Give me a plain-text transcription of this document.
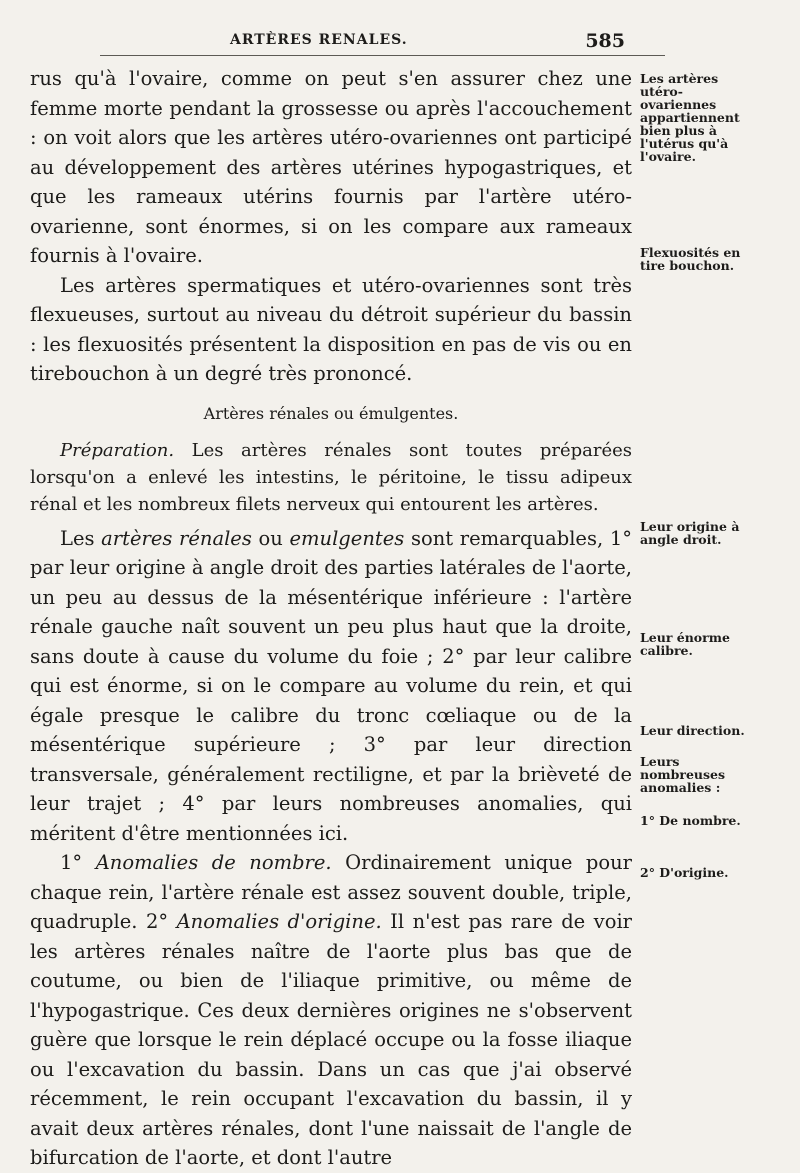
ARTÈRES RENALES.	585

rus qu'à l'ovaire, comme on peut s'en assurer chez une femme morte pendant la grossesse ou après l'accouchement : on voit alors que les artères utéro-ovariennes ont participé au développement des artères utérines hypogastriques, et que les rameaux utérins fournis par l'artère utéro-ovarienne, sont énormes, si on les compare aux rameaux fournis à l'ovaire.

Les artères spermatiques et utéro-ovariennes sont très flexueuses, surtout au niveau du détroit supérieur du bassin : les flexuosités présentent la disposition en pas de vis ou en tirebouchon à un degré très prononcé.

Artères rénales ou émulgentes.

Préparation. Les artères rénales sont toutes préparées lorsqu'on a enlevé les intestins, le péritoine, le tissu adipeux rénal et les nombreux filets nerveux qui entourent les artères.

Les artères rénales ou emulgentes sont remarquables, 1° par leur origine à angle droit des parties latérales de l'aorte, un peu au dessus de la mésentérique inférieure : l'artère rénale gauche naît souvent un peu plus haut que la droite, sans doute à cause du volume du foie ; 2° par leur calibre qui est énorme, si on le compare au volume du rein, et qui égale presque le calibre du tronc cœliaque ou de la mésentérique supérieure ; 3° par leur direction transversale, généralement rectiligne, et par la brièveté de leur trajet ; 4° par leurs nombreuses anomalies, qui méritent d'être mentionnées ici.

1° Anomalies de nombre. Ordinairement unique pour chaque rein, l'artère rénale est assez souvent double, triple, quadruple. 2° Anomalies d'origine. Il n'est pas rare de voir les artères rénales naître de l'aorte plus bas que de coutume, ou bien de l'iliaque primitive, ou même de l'hypogastrique. Ces deux dernières origines ne s'observent guère que lorsque le rein déplacé occupe ou la fosse iliaque ou l'excavation du bassin. Dans un cas que j'ai observé récemment, le rein occupant l'excavation du bassin, il y avait deux artères rénales, dont l'une naissait de l'angle de bifurcation de l'aorte, et dont l'autre

Les artères utéro-ovariennes appartiennent bien plus à l'utérus qu'à l'ovaire.
Flexuosités en tire bouchon.
Leur origine à angle droit.
Leur énorme calibre.
Leur direction.
Leurs nombreuses anomalies :
1° De nombre.
2° D'origine.
